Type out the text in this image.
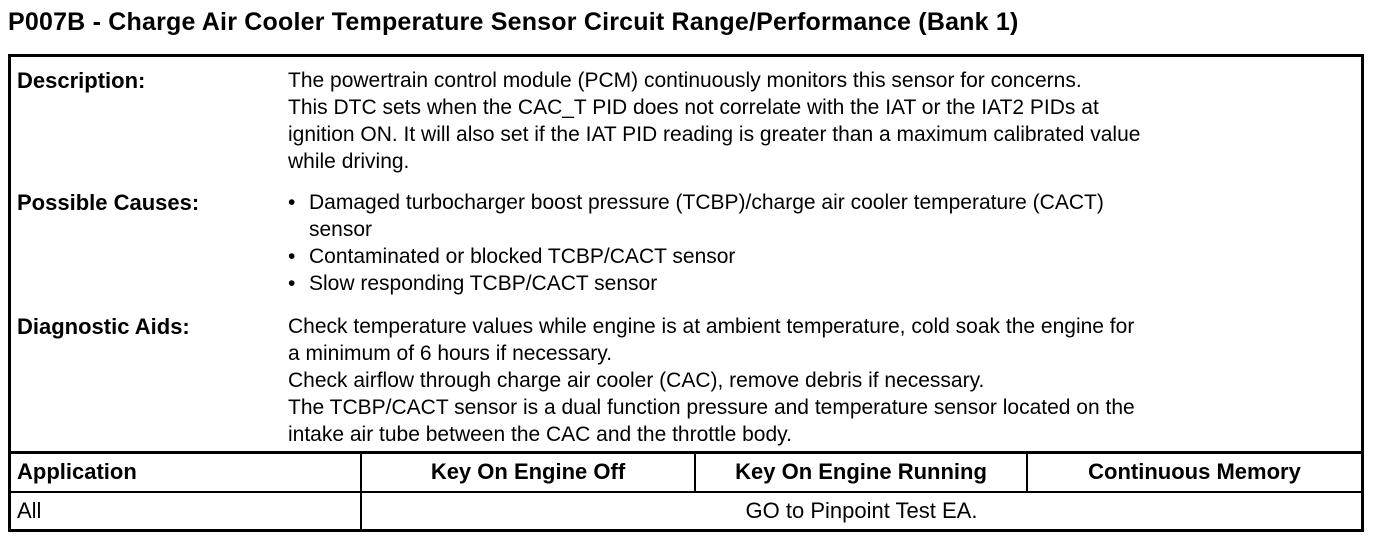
P007B - Charge Air Cooler Temperature Sensor Circuit Range/Performance (Bank 1)
Description:	The powertrain control module (PCM) continuously monitors this sensor for concerns.
This DTC sets when the CAC_T PID does not correlate with the IAT or the IAT2 PIDs at
ignition ON. It will also set if the IAT PID reading is greater than a maximum calibrated value
while driving.
Possible Causes:	• Damaged turbocharger boost pressure (TCBP)/charge air cooler temperature (CACT)
sensor
• Contaminated or blocked TCBP/CACT sensor
• Slow responding TCBP/CACT sensor
Diagnostic Aids:	Check temperature values while engine is at ambient temperature, cold soak the engine for
a minimum of 6 hours if necessary.
Check airflow through charge air cooler (CAC), remove debris if necessary.
The TCBP/CACT sensor is a dual function pressure and temperature sensor located on the
intake air tube between the CAC and the throttle body.
Application	Key On Engine Off	Key On Engine Running	Continuous Memory
All	GO to Pinpoint Test EA.		
